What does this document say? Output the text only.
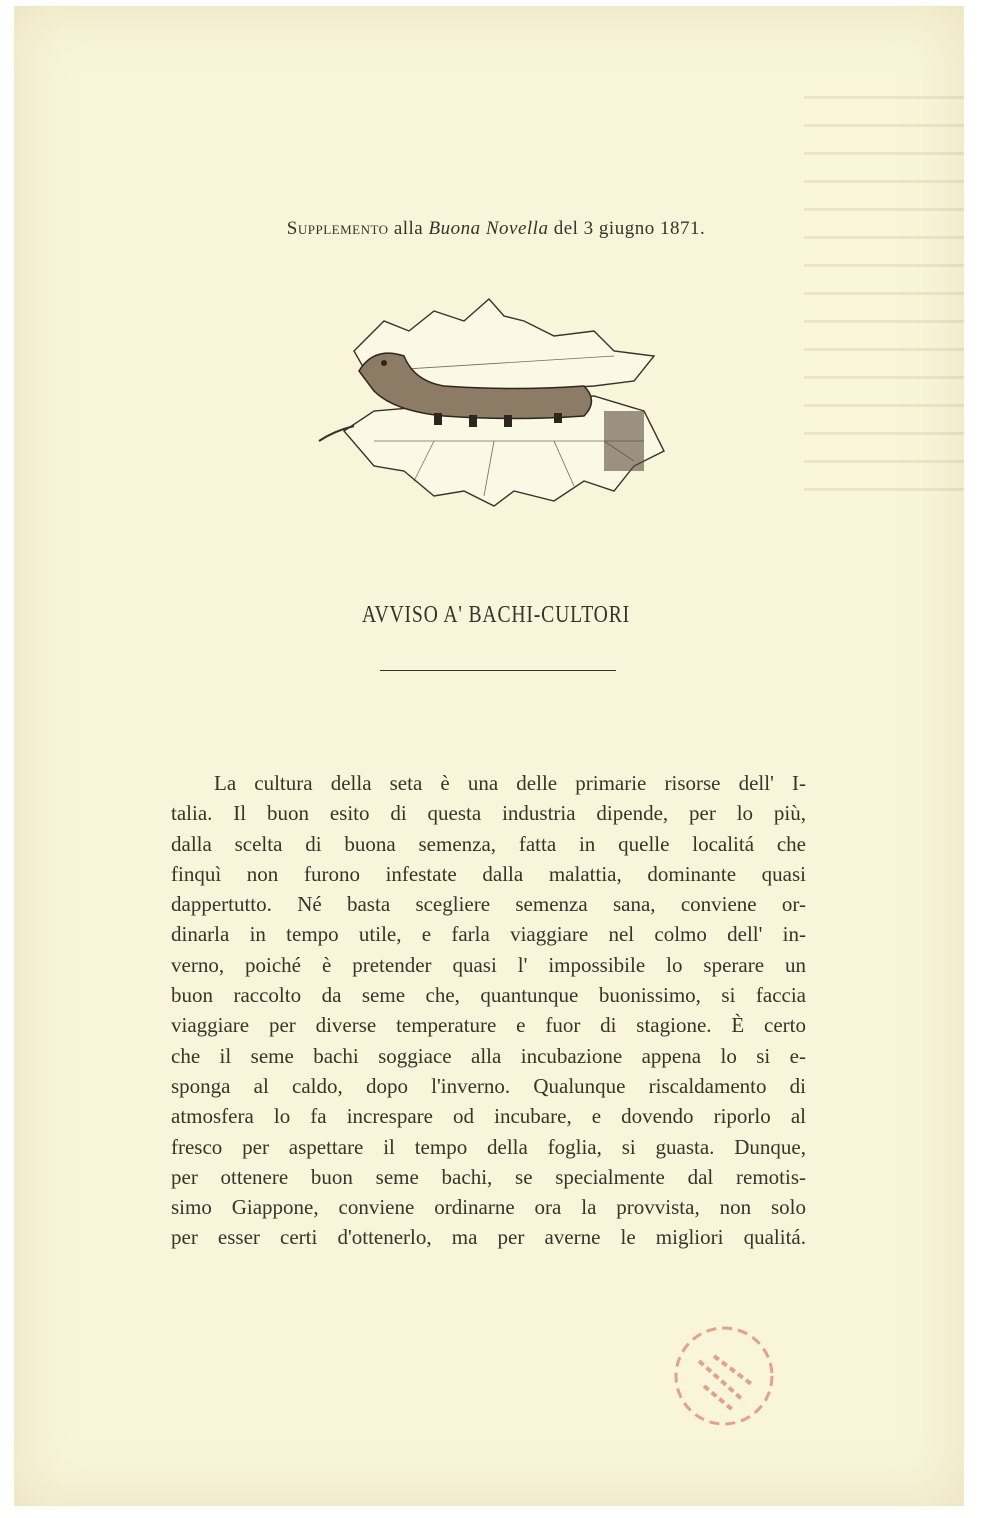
Supplemento alla Buona Novella del 3 giugno 1871.
AVVISO A' BACHI-CULTORI
La cultura della seta è una delle primarie risorse dell' I-
talia. Il buon esito di questa industria dipende, per lo più,
dalla scelta di buona semenza, fatta in quelle localitá che
finquì non furono infestate dalla malattia, dominante quasi
dappertutto. Né basta scegliere semenza sana, conviene or-
dinarla in tempo utile, e farla viaggiare nel colmo dell' in-
verno, poiché è pretender quasi l' impossibile lo sperare un
buon raccolto da seme che, quantunque buonissimo, si faccia
viaggiare per diverse temperature e fuor di stagione. È certo
che il seme bachi soggiace alla incubazione appena lo si e-
sponga al caldo, dopo l'inverno. Qualunque riscaldamento di
atmosfera lo fa increspare od incubare, e dovendo riporlo al
fresco per aspettare il tempo della foglia, si guasta. Dunque,
per ottenere buon seme bachi, se specialmente dal remotis-
simo Giappone, conviene ordinarne ora la provvista, non solo
per esser certi d'ottenerlo, ma per averne le migliori qualitá.
